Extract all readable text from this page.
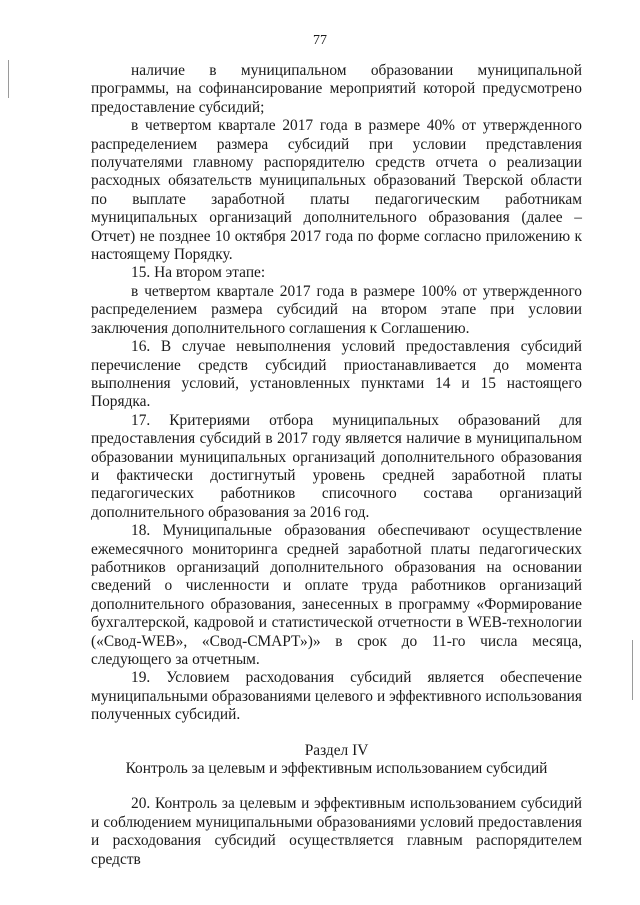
77

наличие в муниципальном образовании муниципальной программы, на софинансирование мероприятий которой предусмотрено предоставление субсидий;

в четвертом квартале 2017 года в размере 40% от утвержденного распределением размера субсидий при условии представления получателями главному распорядителю средств отчета о реализации расходных обязательств муниципальных образований Тверской области по выплате заработной платы педагогическим работникам муниципальных организаций дополнительного образования (далее – Отчет) не позднее 10 октября 2017 года по форме согласно приложению к настоящему Порядку.

15. На втором этапе:

в четвертом квартале 2017 года в размере 100% от утвержденного распределением размера субсидий на втором этапе при условии заключения дополнительного соглашения к Соглашению.

16. В случае невыполнения условий предоставления субсидий перечисление средств субсидий приостанавливается до момента выполнения условий, установленных пунктами 14 и 15 настоящего Порядка.

17. Критериями отбора муниципальных образований для предоставления субсидий в 2017 году является наличие в муниципальном образовании муниципальных организаций дополнительного образования и фактически достигнутый уровень средней заработной платы педагогических работников списочного состава организаций дополнительного образования за 2016 год.

18. Муниципальные образования обеспечивают осуществление ежемесячного мониторинга средней заработной платы педагогических работников организаций дополнительного образования на основании сведений о численности и оплате труда работников организаций дополнительного образования, занесенных в программу «Формирование бухгалтерской, кадровой и статистической отчетности в WEB-технологии («Свод-WEB», «Свод-СМАРТ»)» в срок до 11-го числа месяца, следующего за отчетным.

19. Условием расходования субсидий является обеспечение муниципальными образованиями целевого и эффективного использования полученных субсидий.

Раздел IV

Контроль за целевым и эффективным использованием субсидий

20. Контроль за целевым и эффективным использованием субсидий и соблюдением муниципальными образованиями условий предоставления и расходования субсидий осуществляется главным распорядителем средств
